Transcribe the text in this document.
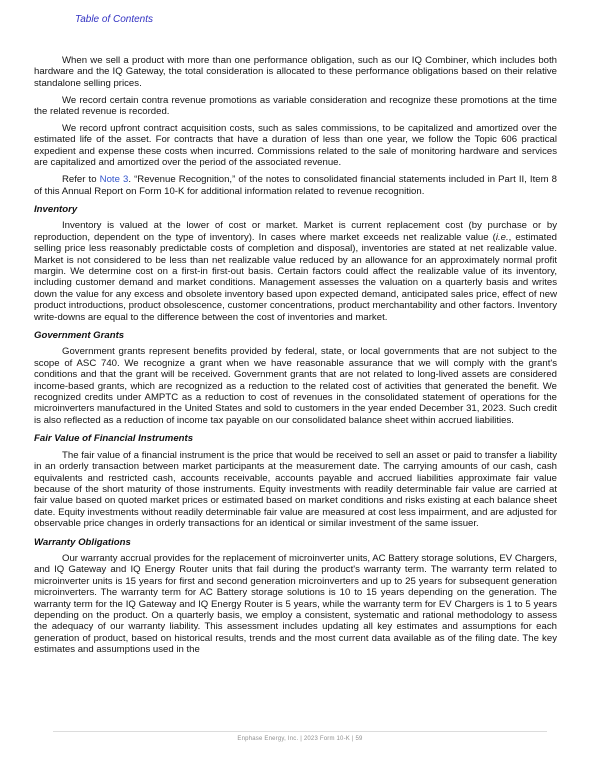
Table of Contents

When we sell a product with more than one performance obligation, such as our IQ Combiner, which includes both hardware and the IQ Gateway, the total consideration is allocated to these performance obligations based on their relative standalone selling prices.

We record certain contra revenue promotions as variable consideration and recognize these promotions at the time the related revenue is recorded.

We record upfront contract acquisition costs, such as sales commissions, to be capitalized and amortized over the estimated life of the asset. For contracts that have a duration of less than one year, we follow the Topic 606 practical expedient and expense these costs when incurred. Commissions related to the sale of monitoring hardware and services are capitalized and amortized over the period of the associated revenue.

Refer to Note 3. “Revenue Recognition,” of the notes to consolidated financial statements included in Part II, Item 8 of this Annual Report on Form 10-K for additional information related to revenue recognition.

Inventory

Inventory is valued at the lower of cost or market. Market is current replacement cost (by purchase or by reproduction, dependent on the type of inventory). In cases where market exceeds net realizable value (i.e., estimated selling price less reasonably predictable costs of completion and disposal), inventories are stated at net realizable value. Market is not considered to be less than net realizable value reduced by an allowance for an approximately normal profit margin. We determine cost on a first-in first-out basis. Certain factors could affect the realizable value of its inventory, including customer demand and market conditions. Management assesses the valuation on a quarterly basis and writes down the value for any excess and obsolete inventory based upon expected demand, anticipated sales price, effect of new product introductions, product obsolescence, customer concentrations, product merchantability and other factors. Inventory write-downs are equal to the difference between the cost of inventories and market.

Government Grants

Government grants represent benefits provided by federal, state, or local governments that are not subject to the scope of ASC 740. We recognize a grant when we have reasonable assurance that we will comply with the grant's conditions and that the grant will be received. Government grants that are not related to long-lived assets are considered income-based grants, which are recognized as a reduction to the related cost of activities that generated the benefit. We recognized credits under AMPTC as a reduction to cost of revenues in the consolidated statement of operations for the microinverters manufactured in the United States and sold to customers in the year ended December 31, 2023. Such credit is also reflected as a reduction of income tax payable on our consolidated balance sheet within accrued liabilities.

Fair Value of Financial Instruments

The fair value of a financial instrument is the price that would be received to sell an asset or paid to transfer a liability in an orderly transaction between market participants at the measurement date. The carrying amounts of our cash, cash equivalents and restricted cash, accounts receivable, accounts payable and accrued liabilities approximate fair value because of the short maturity of those instruments. Equity investments with readily determinable fair value are carried at fair value based on quoted market prices or estimated based on market conditions and risks existing at each balance sheet date. Equity investments without readily determinable fair value are measured at cost less impairment, and are adjusted for observable price changes in orderly transactions for an identical or similar investment of the same issuer.

Warranty Obligations

Our warranty accrual provides for the replacement of microinverter units, AC Battery storage solutions, EV Chargers, and IQ Gateway and IQ Energy Router units that fail during the product's warranty term. The warranty term related to microinverter units is 15 years for first and second generation microinverters and up to 25 years for subsequent generation microinverters. The warranty term for AC Battery storage solutions is 10 to 15 years depending on the generation. The warranty term for the IQ Gateway and IQ Energy Router is 5 years, while the warranty term for EV Chargers is 1 to 5 years depending on the product. On a quarterly basis, we employ a consistent, systematic and rational methodology to assess the adequacy of our warranty liability. This assessment includes updating all key estimates and assumptions for each generation of product, based on historical results, trends and the most current data available as of the filing date. The key estimates and assumptions used in the

Enphase Energy, Inc. | 2023 Form 10-K | 59
